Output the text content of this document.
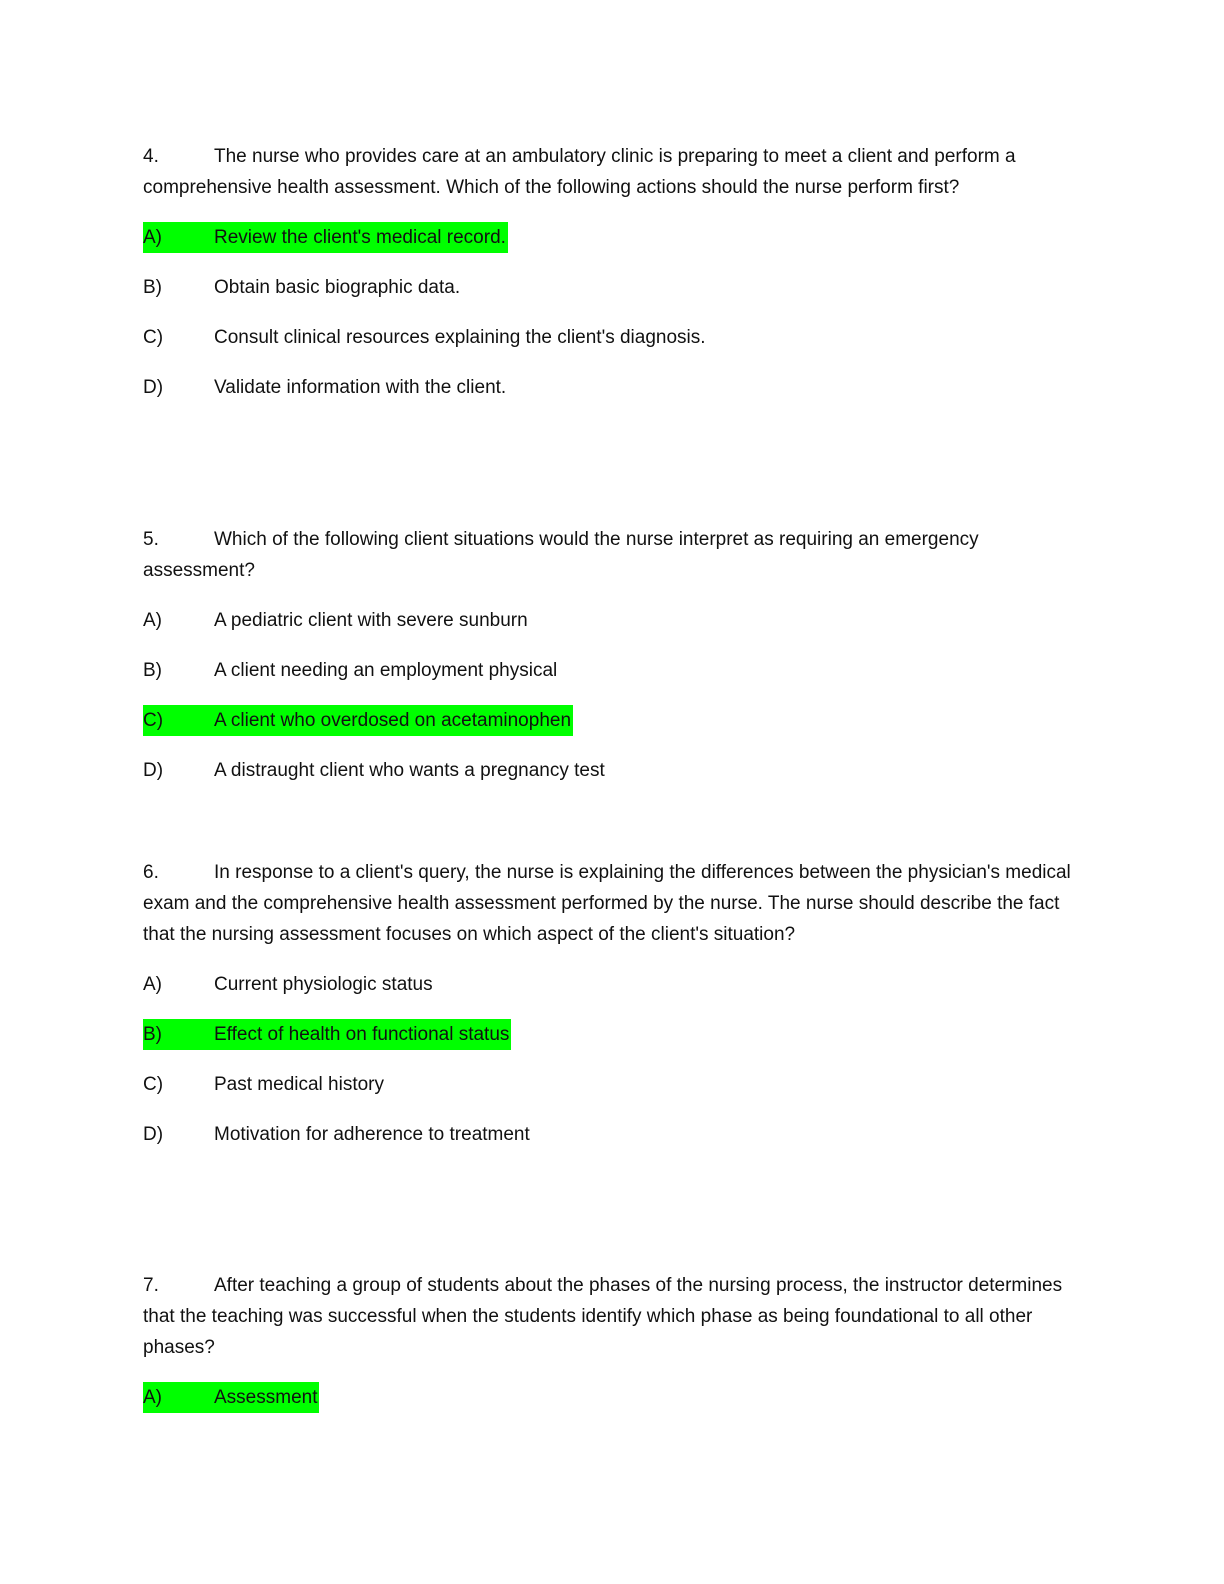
4.	The nurse who provides care at an ambulatory clinic is preparing to meet a client and perform a comprehensive health assessment. Which of the following actions should the nurse perform first?

A)	Review the client's medical record.
B)	Obtain basic biographic data.
C)	Consult clinical resources explaining the client's diagnosis.
D)	Validate information with the client.

5.	Which of the following client situations would the nurse interpret as requiring an emergency assessment?

A)	A pediatric client with severe sunburn
B)	A client needing an employment physical
C)	A client who overdosed on acetaminophen
D)	A distraught client who wants a pregnancy test

6.	In response to a client's query, the nurse is explaining the differences between the physician's medical exam and the comprehensive health assessment performed by the nurse. The nurse should describe the fact that the nursing assessment focuses on which aspect of the client's situation?

A)	Current physiologic status
B)	Effect of health on functional status
C)	Past medical history
D)	Motivation for adherence to treatment

7.	After teaching a group of students about the phases of the nursing process, the instructor determines that the teaching was successful when the students identify which phase as being foundational to all other phases?

A)	Assessment
